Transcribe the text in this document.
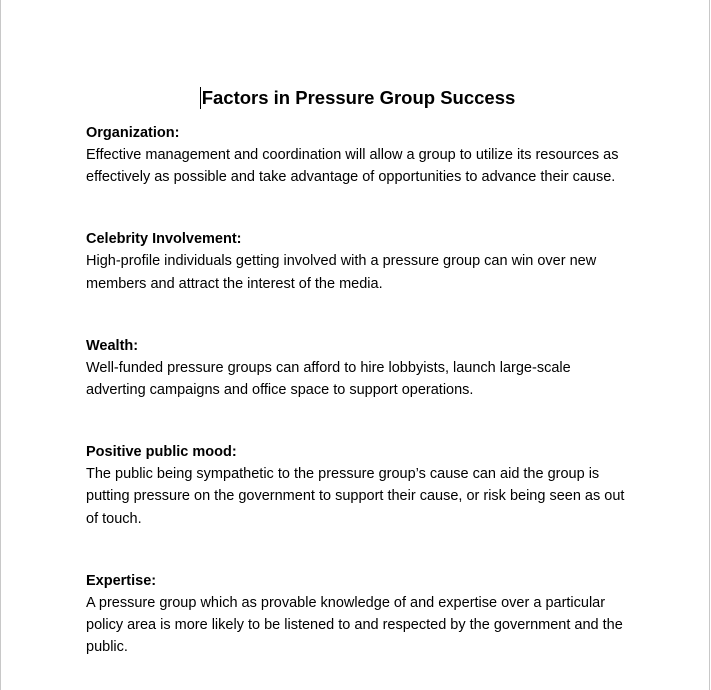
Factors in Pressure Group Success
Organization:

Effective management and coordination will allow a group to utilize its resources as effectively as possible and take advantage of opportunities to advance their cause.

Celebrity Involvement:

High-profile individuals getting involved with a pressure group can win over new members and attract the interest of the media.

Wealth:

Well-funded pressure groups can afford to hire lobbyists, launch large-scale adverting campaigns and office space to support operations.

Positive public mood:

The public being sympathetic to the pressure group’s cause can aid the group is putting pressure on the government to support their cause, or risk being seen as out of touch.

Expertise:

A pressure group which as provable knowledge of and expertise over a particular policy area is more likely to be listened to and respected by the government and the public.
